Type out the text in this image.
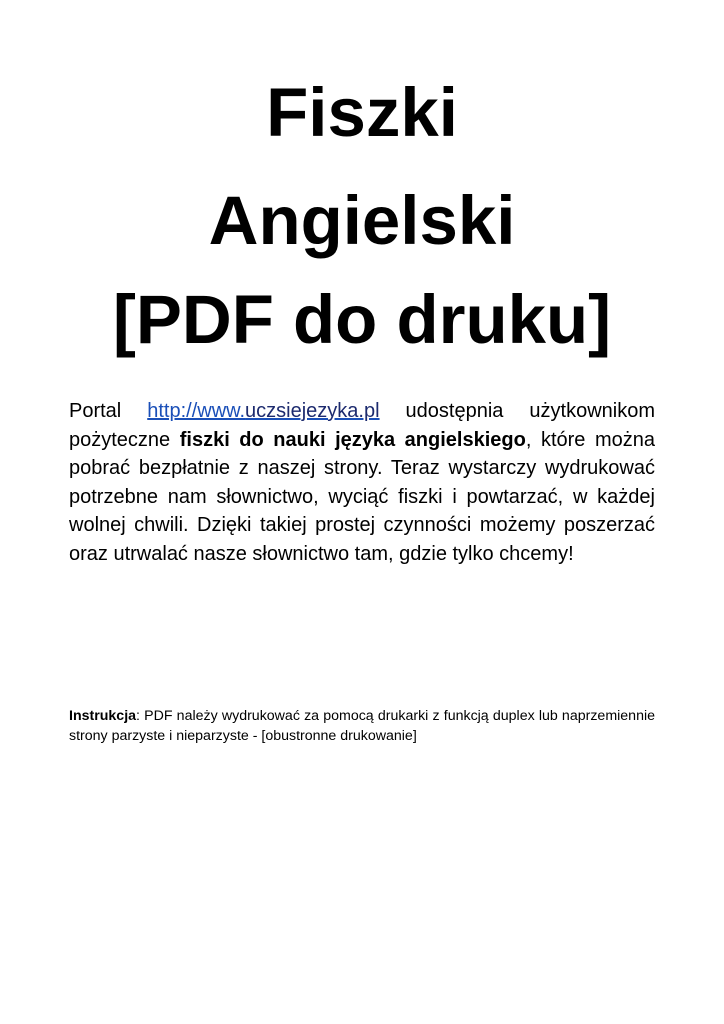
Fiszki
Angielski
[PDF do druku]

Portal http://www.uczsiejezyka.pl udostępnia użytkownikom pożyteczne fiszki do nauki języka angielskiego, które można pobrać bezpłatnie z naszej strony. Teraz wystarczy wydrukować potrzebne nam słownictwo, wyciąć fiszki i powtarzać, w każdej wolnej chwili. Dzięki takiej prostej czynności możemy poszerzać oraz utrwalać nasze słownictwo tam, gdzie tylko chcemy!

Instrukcja: PDF należy wydrukować za pomocą drukarki z funkcją duplex lub naprzemiennie strony parzyste i nieparzyste - [obustronne drukowanie]
